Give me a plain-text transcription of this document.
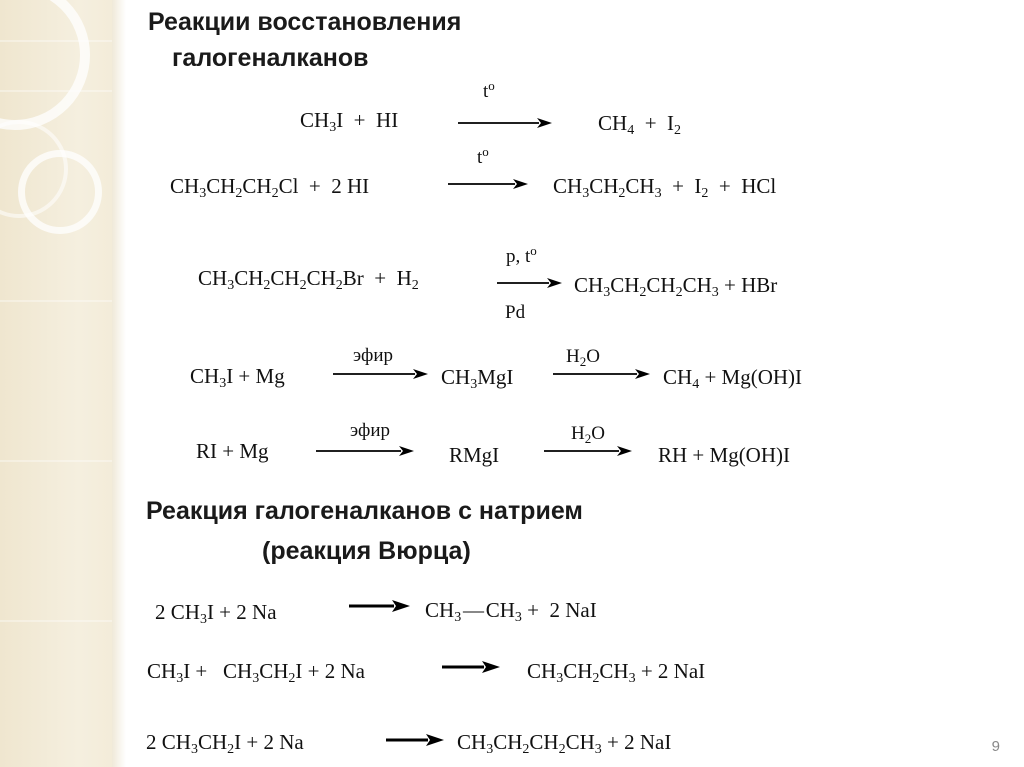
Реакции восстановления
галогеналканов
$CH_3I$  +  HI
$t^o$
$CH_4 + I_2$
$CH_3CH_2CH_2Cl + 2$ HI
$t^o$
$CH_3CH_2CH_3 + I_2$  +  HCl
$CH_3CH_2CH_2CH_2Br + H_2$
p, $t^o$
Pd
$CH_3CH_2CH_2CH_3$ + HBr
$CH_3I + Mg$
эфир
$CH_3MgI$
$H_2O$
$CH_4 + Mg(OH)I$
RI + Mg
эфир
RMgI
$H_2O$
RH + Mg(OH)I
Реакция галогеналканов с натрием
(реакция Вюрца)
2 $CH_3I + 2$ Na	$CH_3$ — $CH_3 + 2$ NaI
$CH_3I + CH_3CH_2I + 2$ Na	$CH_3CH_2CH_3 + 2$ NaI
2 $CH_3CH_2I + 2$ Na	$CH_3CH_2CH_2CH_3 + 2$ NaI	9
